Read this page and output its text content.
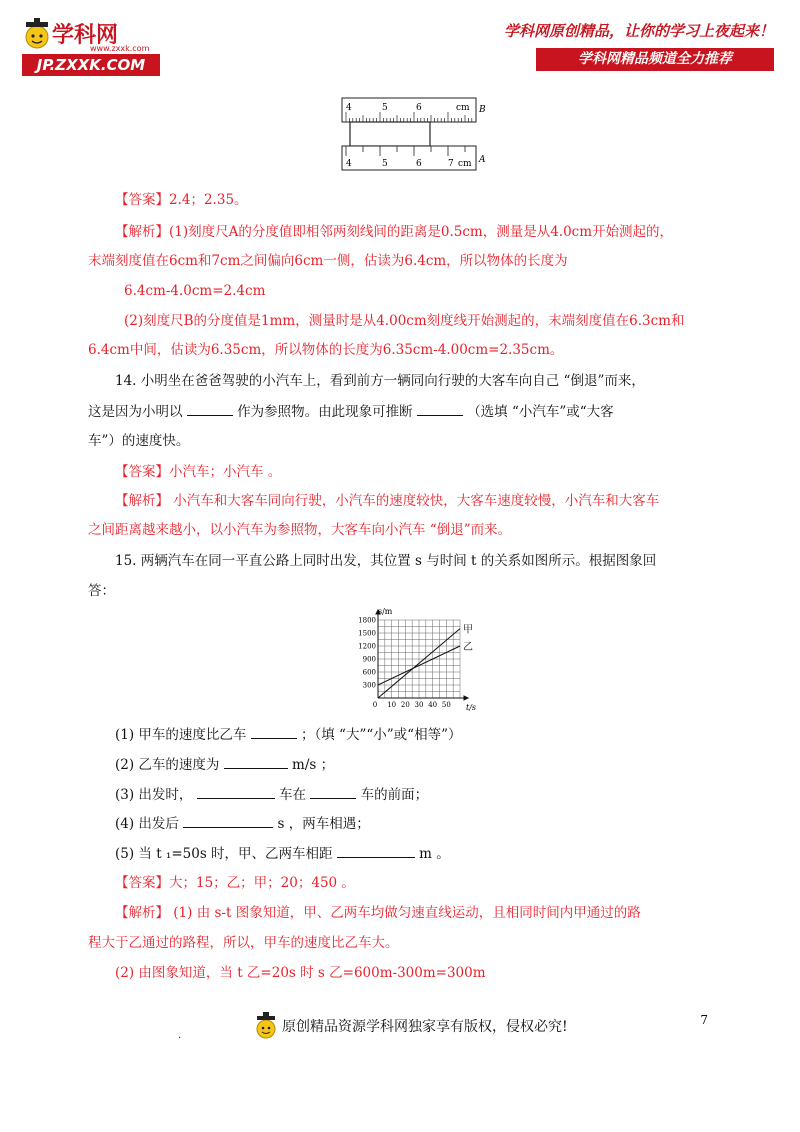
学科网
www.zxxk.com
JP.ZXXK.COM
学科网原创精品，让你的学习上夜起来！
学科网精品频道全力推荐
4	5	6	cm B
4	5	6	7 cm A
【答案】2.4；2.35。
【解析】(1)刻度尺A的分度值即相邻两刻线间的距离是0.5cm，测量是从4.0cm开始测起的，
末端刻度值在6cm和7cm之间偏向6cm一侧，估读为6.4cm，所以物体的长度为
6.4cm-4.0cm=2.4cm
(2)刻度尺B的分度值是1mm，测量时是从4.00cm刻度线开始测起的，末端刻度值在6.3cm和
6.4cm中间，估读为6.35cm，所以物体的长度为6.35cm-4.00cm=2.35cm。
14. 小明坐在爸爸驾驶的小汽车上，看到前方一辆同向行驶的大客车向自己 “倒退”而来，
这是因为小明以	作为参照物。由此现象可推断	（选填 “小汽车”或“大客
车”）的速度快。
【答案】小汽车；小汽车 。
【解析】 小汽车和大客车同向行驶，小汽车的速度较快，大客车速度较慢，小汽车和大客车
之间距离越来越小，以小汽车为参照物，大客车向小汽车 “倒退”而来。
15. 两辆汽车在同一平直公路上同时出发，其位置 s 与时间 t 的关系如图所示。根据图象回
答：
300
600
900
1200
1500
1800
0 10 20 30 40 50
甲
乙
s/m
t/s
(1) 甲车的速度比乙车	；（填 “大”“小”或“相等”）
(2) 乙车的速度为	m/s ；
(3) 出发时，	车在	车的前面；
(4) 出发后	s ，两车相遇；
(5) 当 t ₁=50s 时，甲、乙两车相距	m 。
【答案】大；15；乙；甲；20；450 。
【解析】 (1) 由 s-t 图象知道，甲、乙两车均做匀速直线运动，且相同时间内甲通过的路
程大于乙通过的路程，所以，甲车的速度比乙车大。
(2) 由图象知道，当 t 乙=20s 时 s 乙=600m-300m=300m
7
.
原创精品资源学科网独家享有版权，侵权必究!
